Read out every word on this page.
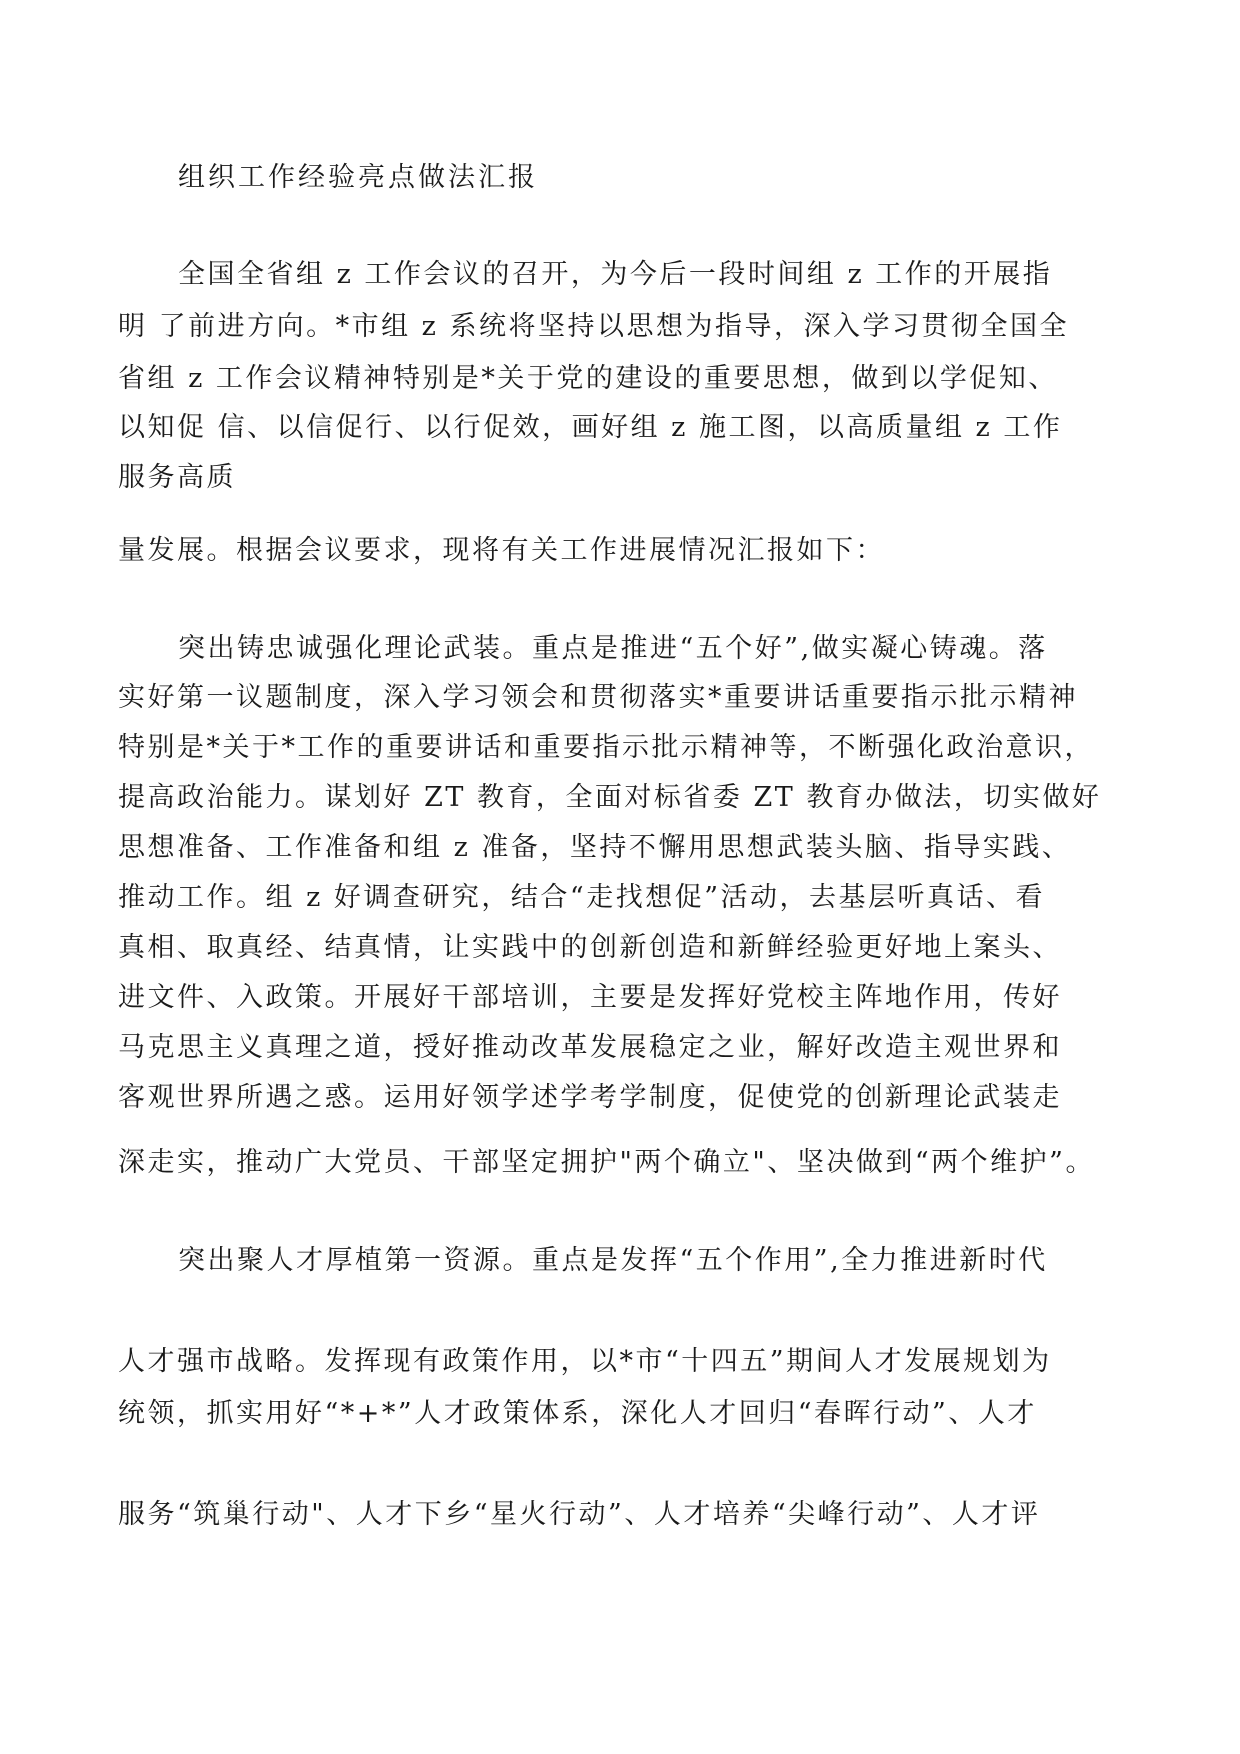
组织工作经验亮点做法汇报
全国全省组 z 工作会议的召开，为今后一段时间组 z 工作的开展指
明 了前进方向。*市组 z 系统将坚持以思想为指导，深入学习贯彻全国全
省组 z 工作会议精神特别是*关于党的建设的重要思想，做到以学促知、
以知促 信、以信促行、以行促效，画好组 z 施工图，以高质量组 z 工作
服务高质
量发展。根据会议要求，现将有关工作进展情况汇报如下：
突出铸忠诚强化理论武装。重点是推进“五个好”,做实凝心铸魂。落
实好第一议题制度，深入学习领会和贯彻落实*重要讲话重要指示批示精神
特别是*关于*工作的重要讲话和重要指示批示精神等，不断强化政治意识，
提高政治能力。谋划好 ZT 教育，全面对标省委 ZT 教育办做法，切实做好
思想准备、工作准备和组 z 准备，坚持不懈用思想武装头脑、指导实践、
推动工作。组 z 好调查研究，结合“走找想促”活动，去基层听真话、看
真相、取真经、结真情，让实践中的创新创造和新鲜经验更好地上案头、
进文件、入政策。开展好干部培训，主要是发挥好党校主阵地作用，传好
马克思主义真理之道，授好推动改革发展稳定之业，解好改造主观世界和
客观世界所遇之惑。运用好领学述学考学制度，促使党的创新理论武装走
深走实，推动广大党员、干部坚定拥护"两个确立"、坚决做到“两个维护”。
突出聚人才厚植第一资源。重点是发挥“五个作用”,全力推进新时代
人才强市战略。发挥现有政策作用，以*市“十四五”期间人才发展规划为
统领，抓实用好“*+*”人才政策体系，深化人才回归“春晖行动”、人才
服务“筑巢行动"、人才下乡“星火行动”、人才培养“尖峰行动”、人才评
